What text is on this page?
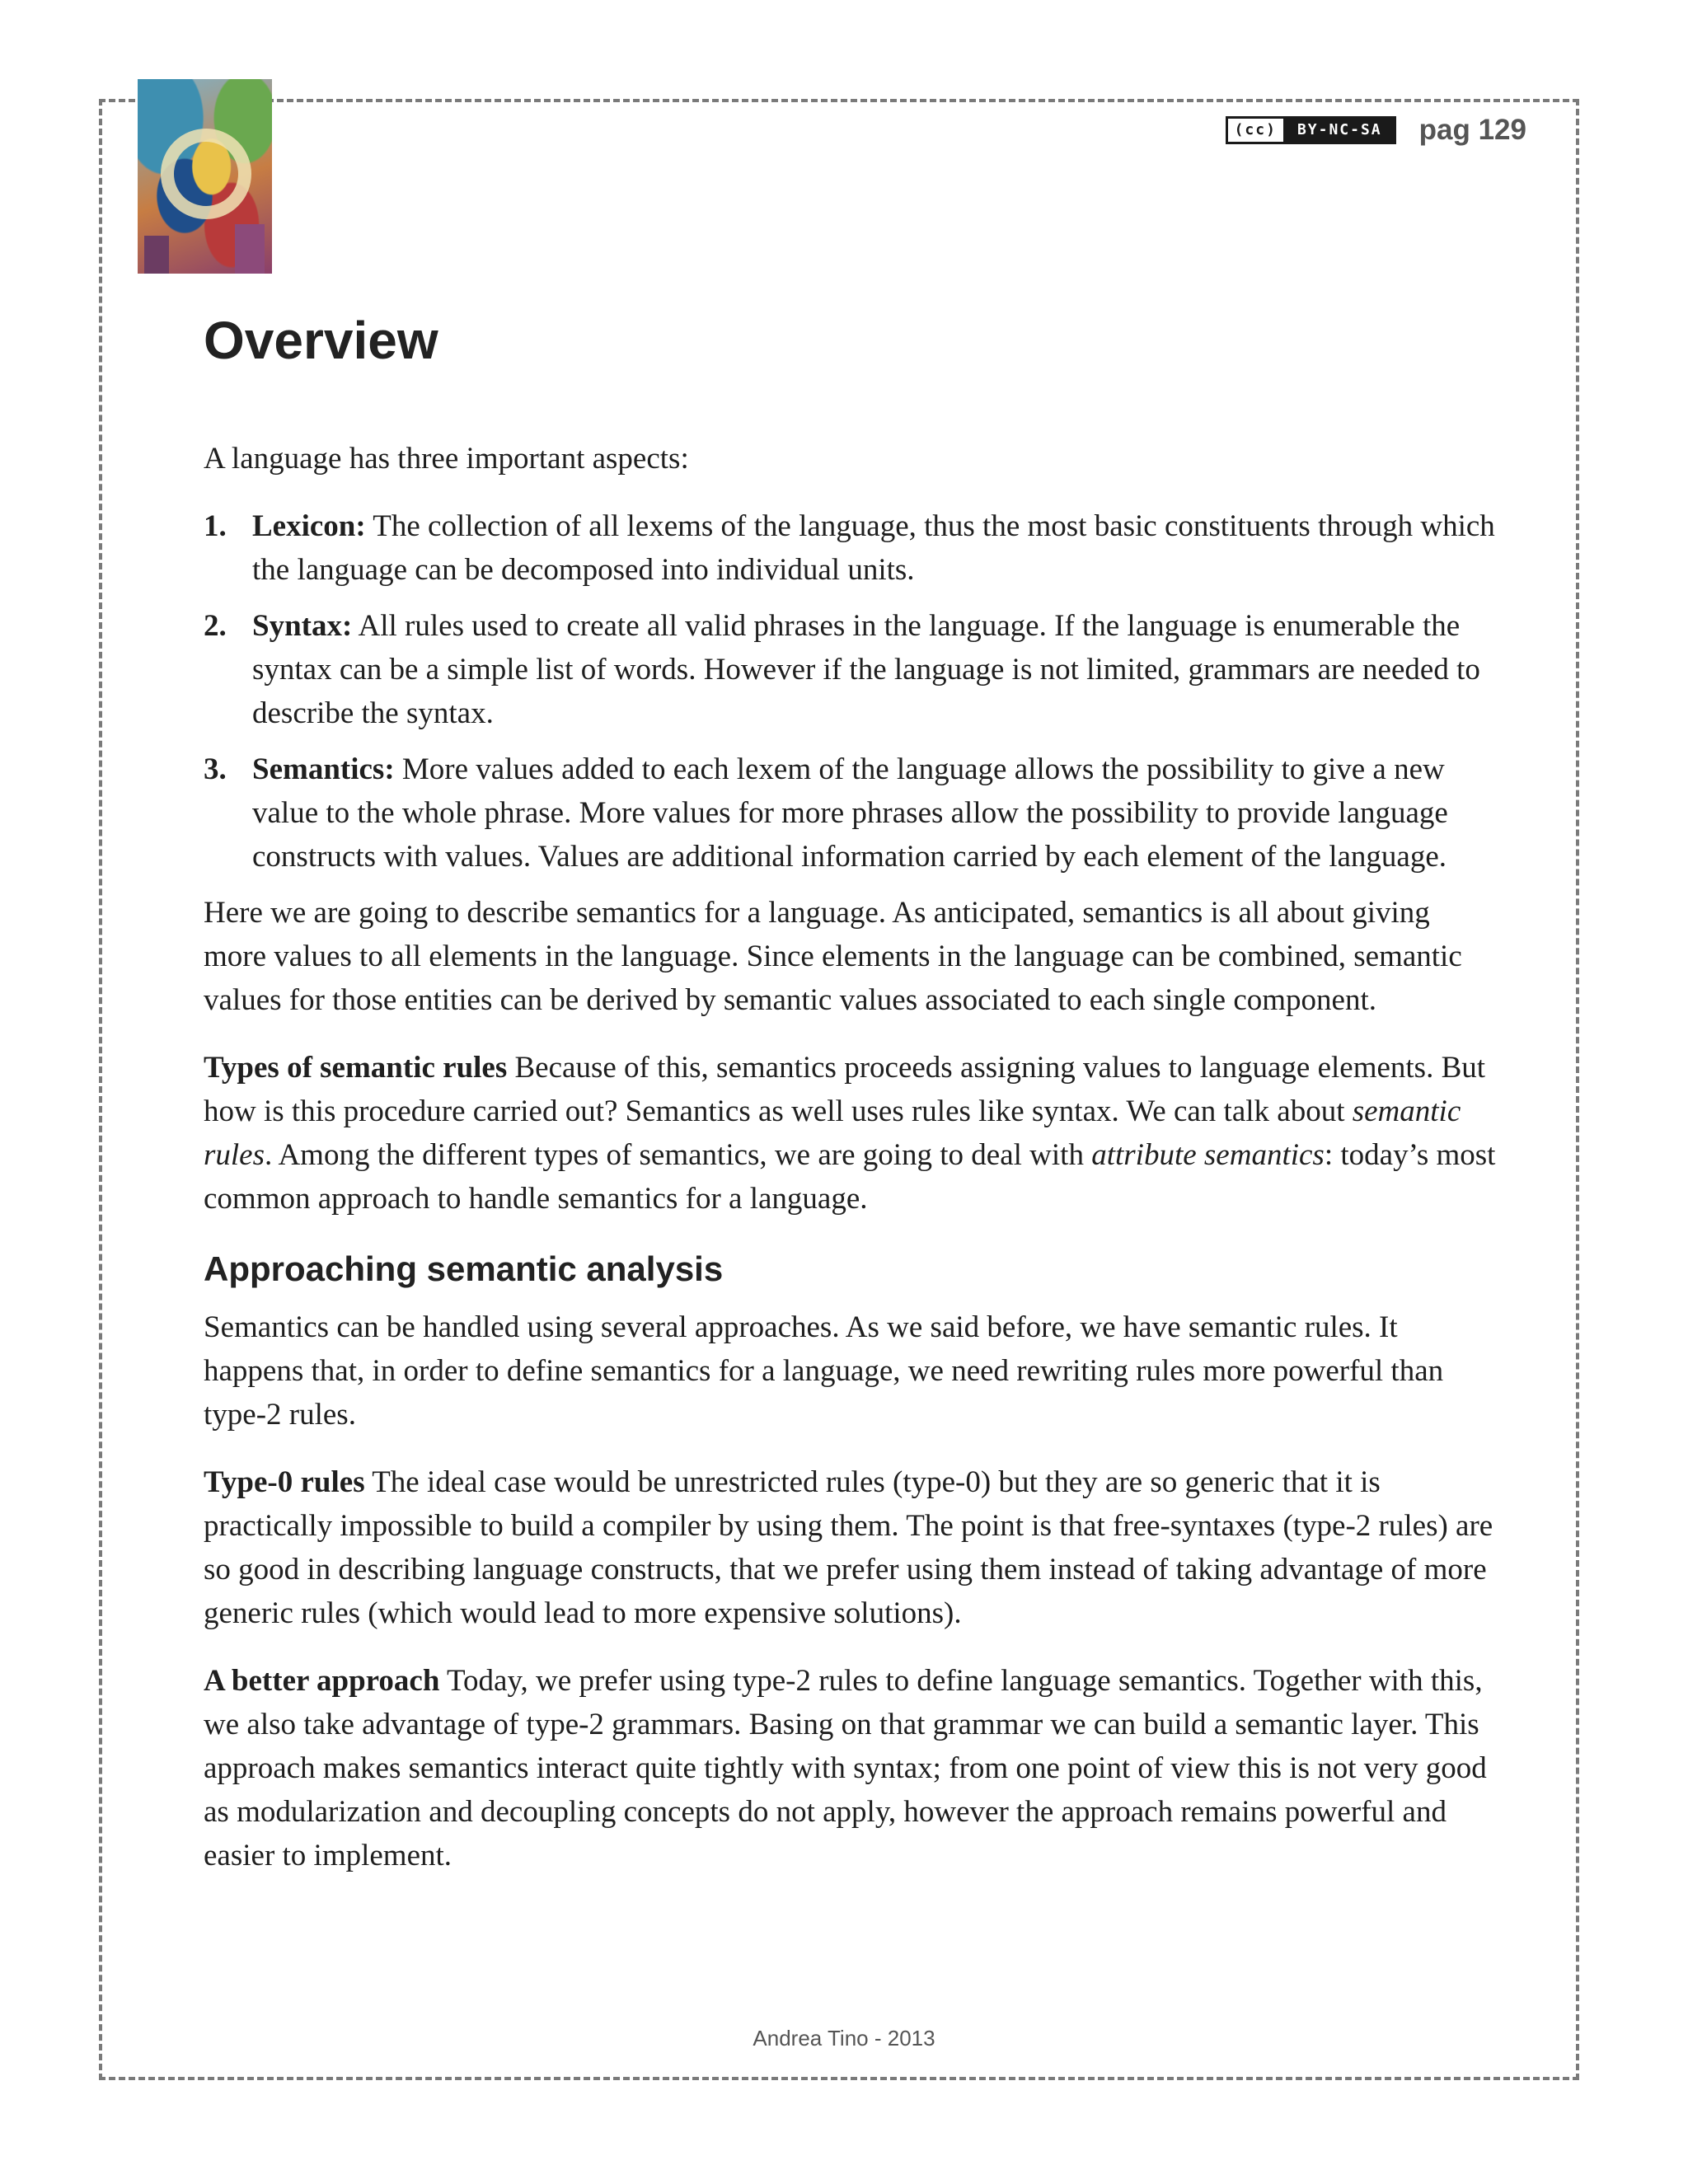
(cc)	BY-NC-SA	pag 129
Overview

A language has three important aspects:

1. Lexicon: The collection of all lexems of the language, thus the most basic constituents through which the language can be decomposed into individual units.
2. Syntax: All rules used to create all valid phrases in the language. If the language is enumerable the syntax can be a simple list of words. However if the language is not limited, grammars are needed to describe the syntax.
3. Semantics: More values added to each lexem of the language allows the possibility to give a new value to the whole phrase. More values for more phrases allow the possibility to provide language constructs with values. Values are additional information carried by each element of the language.

Here we are going to describe semantics for a language. As anticipated, semantics is all about giving more values to all elements in the language. Since elements in the language can be combined, semantic values for those entities can be derived by semantic values associated to each single component.

Types of semantic rules Because of this, semantics proceeds assigning values to language elements. But how is this procedure carried out? Semantics as well uses rules like syntax. We can talk about semantic rules. Among the different types of semantics, we are going to deal with attribute semantics: today’s most common approach to handle semantics for a language.

Approaching semantic analysis

Semantics can be handled using several approaches. As we said before, we have semantic rules. It happens that, in order to define semantics for a language, we need rewriting rules more powerful than type-2 rules.

Type-0 rules The ideal case would be unrestricted rules (type-0) but they are so generic that it is practically impossible to build a compiler by using them. The point is that free-syntaxes (type-2 rules) are so good in describing language constructs, that we prefer using them instead of taking advantage of more generic rules (which would lead to more expensive solutions).

A better approach Today, we prefer using type-2 rules to define language semantics. Together with this, we also take advantage of type-2 grammars. Basing on that grammar we can build a semantic layer. This approach makes semantics interact quite tightly with syntax; from one point of view this is not very good as modularization and decoupling concepts do not apply, however the approach remains powerful and easier to implement.

Andrea Tino - 2013
